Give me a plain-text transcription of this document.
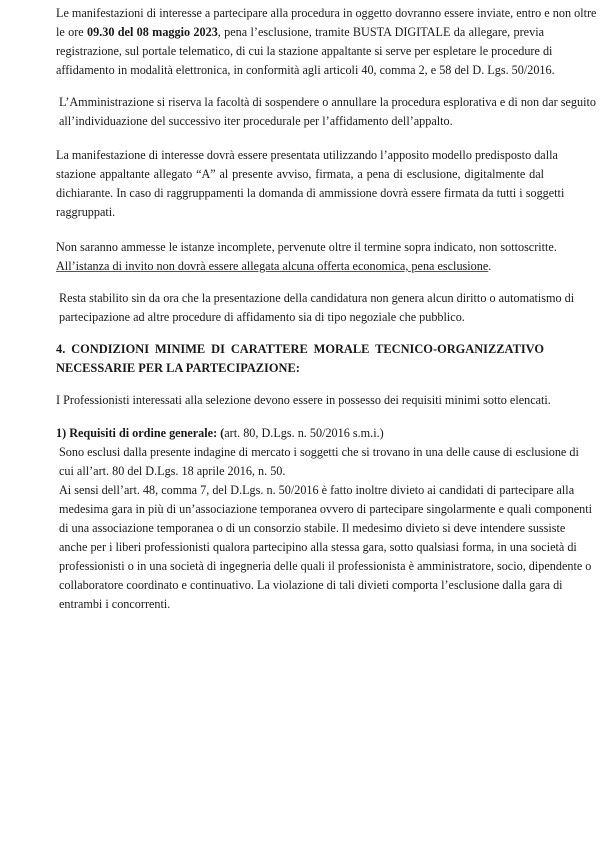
Le manifestazioni di interesse a partecipare alla procedura in oggetto dovranno essere inviate, entro e non oltre
le ore 09.30 del 08 maggio 2023, pena l’esclusione, tramite BUSTA DIGITALE da allegare, previa
registrazione, sul portale telematico, di cui la stazione appaltante si serve per espletare le procedure di
affidamento in modalità elettronica, in conformità agli articoli 40, comma 2, e 58 del D. Lgs. 50/2016.
L’Amministrazione si riserva la facoltà di sospendere o annullare la procedura esplorativa e di non dar seguito
all’individuazione del successivo iter procedurale per l’affidamento dell’appalto.
La manifestazione di interesse dovrà essere presentata utilizzando l’apposito modello predisposto dalla
stazione appaltante allegato “A” al presente avviso, firmata, a pena di esclusione, digitalmente dal
dichiarante. In caso di raggruppamenti la domanda di ammissione dovrà essere firmata da tutti i soggetti
raggruppati.
Non saranno ammesse le istanze incomplete, pervenute oltre il termine sopra indicato, non sottoscritte.
All’istanza di invito non dovrà essere allegata alcuna offerta economica, pena esclusione.
Resta stabilito sin da ora che la presentazione della candidatura non genera alcun diritto o automatismo di
partecipazione ad altre procedure di affidamento sia di tipo negoziale che pubblico.
4. CONDIZIONI MINIME DI CARATTERE MORALE TECNICO-ORGANIZZATIVO
NECESSARIE PER LA PARTECIPAZIONE:
I Professionisti interessati alla selezione devono essere in possesso dei requisiti minimi sotto elencati.
1) Requisiti di ordine generale: (art. 80, D.Lgs. n. 50/2016 s.m.i.)
Sono esclusi dalla presente indagine di mercato i soggetti che si trovano in una delle cause di esclusione di
cui all’art. 80 del D.Lgs. 18 aprile 2016, n. 50.
Ai sensi dell’art. 48, comma 7, del D.Lgs. n. 50/2016 è fatto inoltre divieto ai candidati di partecipare alla
medesima gara in più di un’associazione temporanea ovvero di partecipare singolarmente e quali componenti
di una associazione temporanea o di un consorzio stabile. Il medesimo divieto si deve intendere sussiste
anche per i liberi professionisti qualora partecipino alla stessa gara, sotto qualsiasi forma, in una società di
professionisti o in una società di ingegneria delle quali il professionista è amministratore, socio, dipendente o
collaboratore coordinato e continuativo. La violazione di tali divieti comporta l’esclusione dalla gara di
entrambi i concorrenti.
